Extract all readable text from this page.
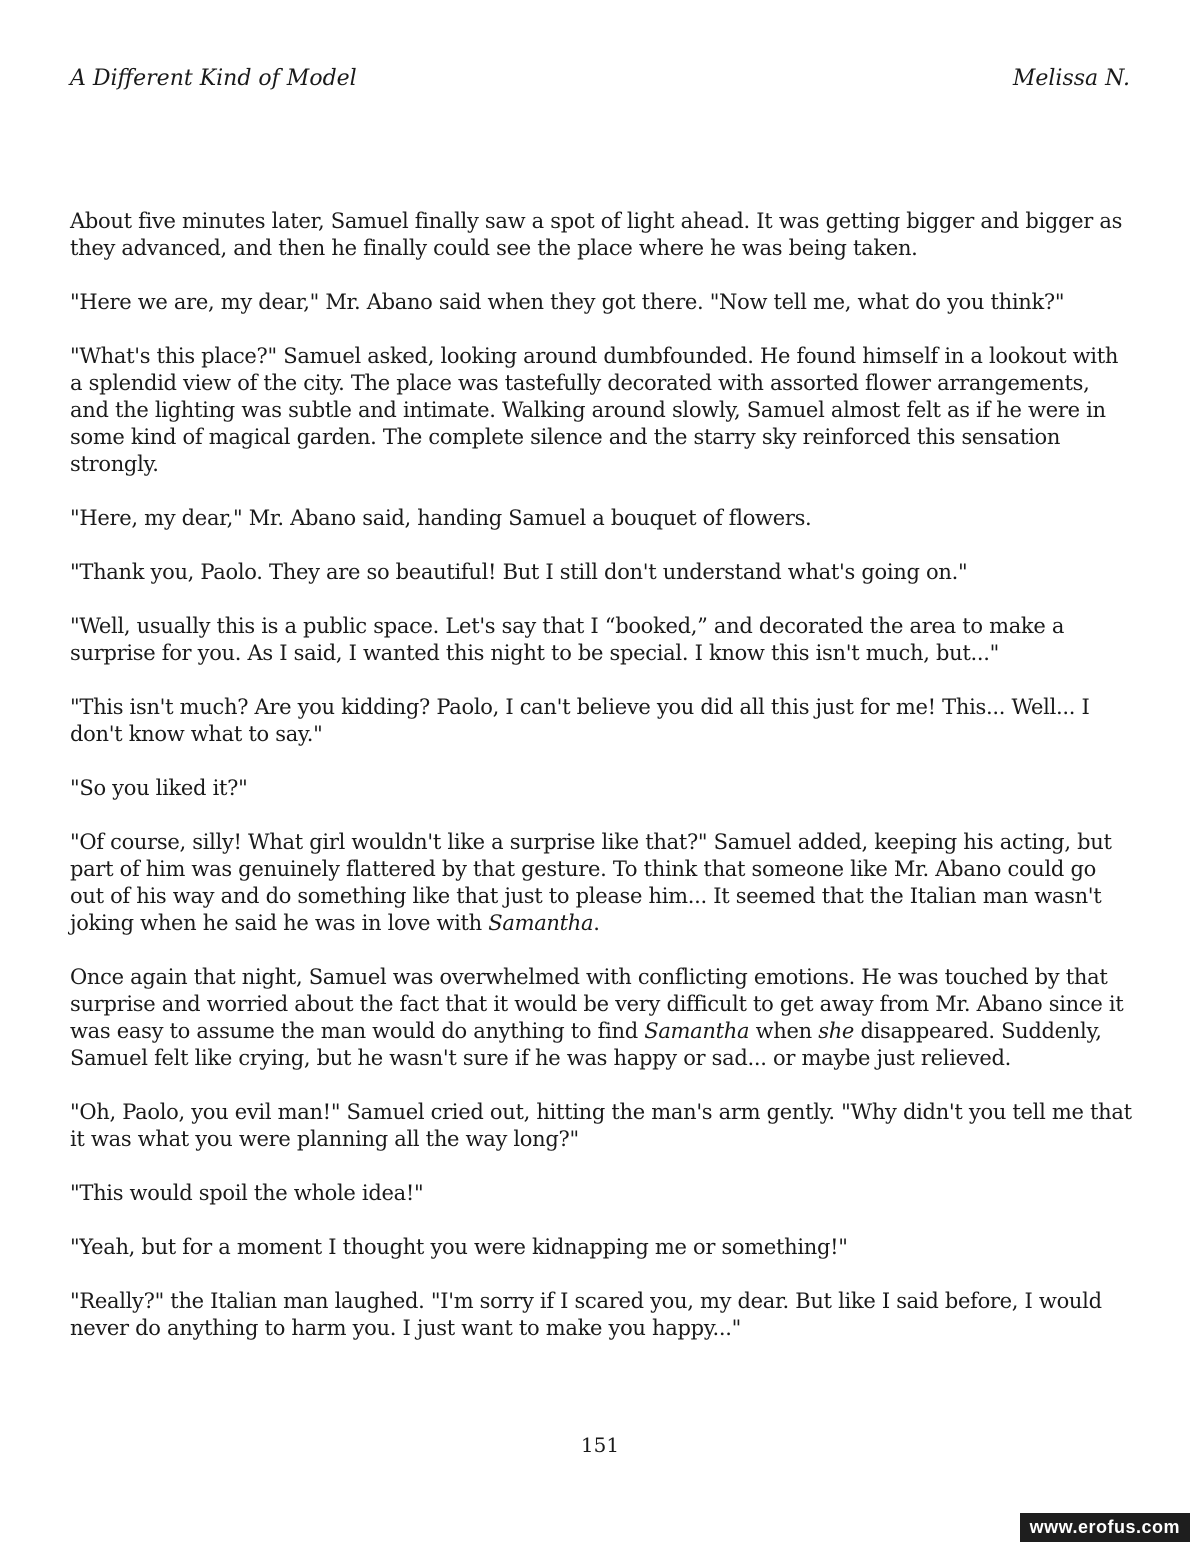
A Different Kind of Model	Melissa N.

About five minutes later, Samuel finally saw a spot of light ahead. It was getting bigger and bigger as they advanced, and then he finally could see the place where he was being taken.

"Here we are, my dear," Mr. Abano said when they got there. "Now tell me, what do you think?"

"What's this place?" Samuel asked, looking around dumbfounded. He found himself in a lookout with a splendid view of the city. The place was tastefully decorated with assorted flower arrangements, and the lighting was subtle and intimate. Walking around slowly, Samuel almost felt as if he were in some kind of magical garden. The complete silence and the starry sky reinforced this sensation strongly.

"Here, my dear," Mr. Abano said, handing Samuel a bouquet of flowers.

"Thank you, Paolo. They are so beautiful! But I still don't understand what's going on."

"Well, usually this is a public space. Let's say that I “booked,” and decorated the area to make a surprise for you. As I said, I wanted this night to be special. I know this isn't much, but..."

"This isn't much? Are you kidding? Paolo, I can't believe you did all this just for me! This... Well... I don't know what to say."

"So you liked it?"

"Of course, silly! What girl wouldn't like a surprise like that?" Samuel added, keeping his acting, but part of him was genuinely flattered by that gesture. To think that someone like Mr. Abano could go out of his way and do something like that just to please him... It seemed that the Italian man wasn't joking when he said he was in love with Samantha.

Once again that night, Samuel was overwhelmed with conflicting emotions. He was touched by that surprise and worried about the fact that it would be very difficult to get away from Mr. Abano since it was easy to assume the man would do anything to find Samantha when she disappeared. Suddenly, Samuel felt like crying, but he wasn't sure if he was happy or sad... or maybe just relieved.

"Oh, Paolo, you evil man!" Samuel cried out, hitting the man's arm gently. "Why didn't you tell me that it was what you were planning all the way long?"

"This would spoil the whole idea!"

"Yeah, but for a moment I thought you were kidnapping me or something!"

"Really?" the Italian man laughed. "I'm sorry if I scared you, my dear. But like I said before, I would never do anything to harm you. I just want to make you happy..."

151
www.erofus.com
